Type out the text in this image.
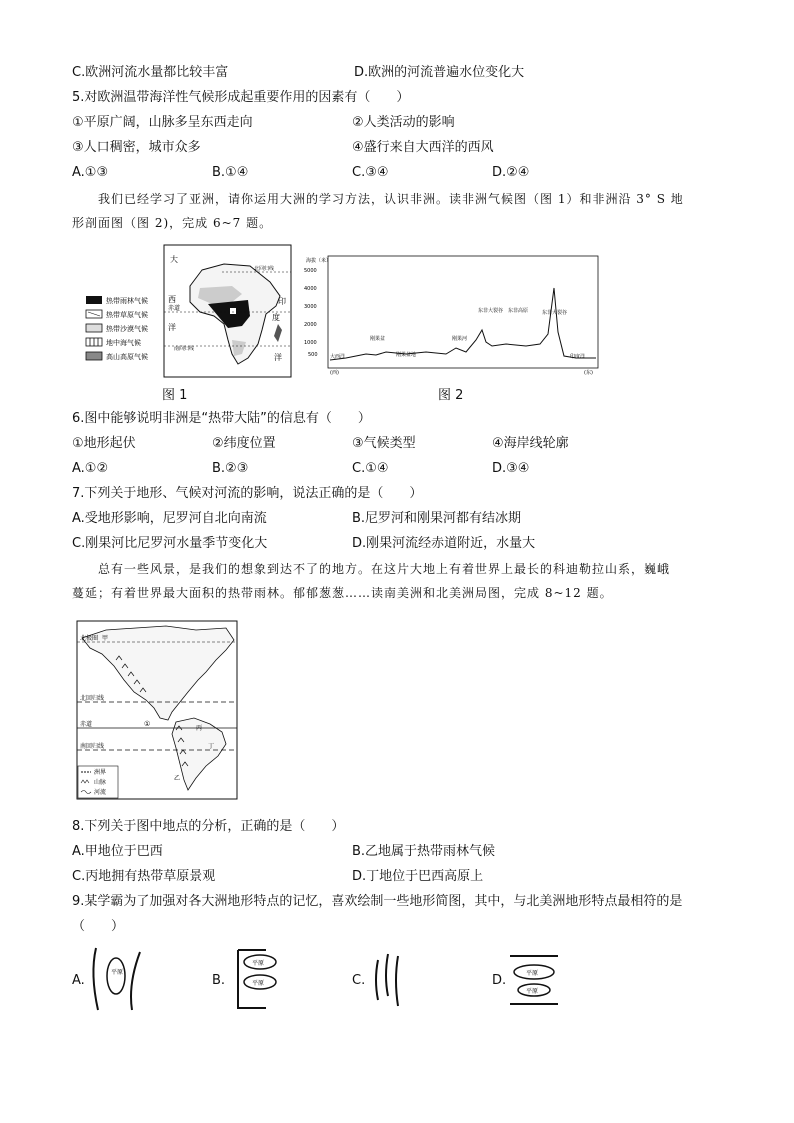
C.欧洲河流水量都比较丰富	D.欧洲的河流普遍水位变化大
5.对欧洲温带海洋性气候形成起重要作用的因素有（　　）
①平原广阔，山脉多呈东西走向	②人类活动的影响
③人口稠密，城市众多	④盛行来自大西洋的西风
A.①③	B.①④	C.③④	D.②④
我们已经学习了亚洲，请你运用大洲的学习方法，认识非洲。读非洲气候图（图 1）和非洲沿 3° S 地
形剖面图（图 2)，完成 6~7 题。
热带雨林气候
热带草原气候
热带沙漠气候
地中海气候
高山高原气候
大
西
洋
赤道
印
度
洋
南回归线
北回归线
图 1
海拔（米）
5000
4000
3000
2000
1000
500 大西洋
刚果盆
刚果盆地
刚果河
东非大裂谷 东非高原	东非大裂谷
印度洋
(西)	(东)
图 2
6.图中能够说明非洲是“热带大陆”的信息有（　　）
①地形起伏	②纬度位置	③气候类型	④海岸线轮廓
A.①②	B.②③	C.①④	D.③④
7.下列关于地形、气候对河流的影响，说法正确的是（　　）
A.受地形影响，尼罗河自北向南流	B.尼罗河和刚果河都有结冰期
C.刚果河比尼罗河水量季节变化大	D.刚果河流经赤道附近，水量大
总有一些风景，是我们的想象到达不了的地方。在这片大地上有着世界上最长的科迪勒拉山系，巍峨
蔓延；有着世界最大面积的热带雨林。郁郁葱葱……读南美洲和北美洲局图，完成 8~12 题。
北极圈 甲
北回归线
赤道
南回归线
①
丙
丁
乙
洲界
山脉
河流
8.下列关于图中地点的分析，正确的是（　　）
A.甲地位于巴西	B.乙地属于热带雨林气候
C.丙地拥有热带草原景观	D.丁地位于巴西高原上
9.某学霸为了加强对各大洲地形特点的记忆，喜欢绘制一些地形简图，其中，与北美洲地形特点最相符的是
（　　）
A.
平原
B.
平原
平原	C.	D.	平原
平原
